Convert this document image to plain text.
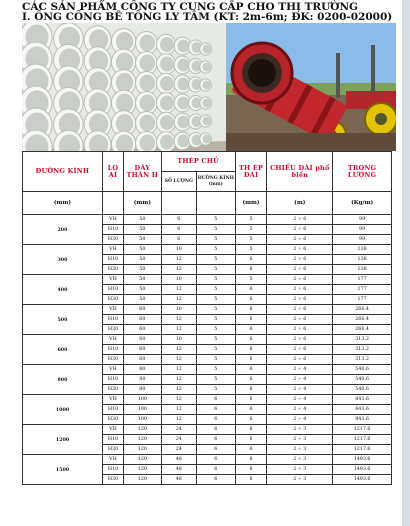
CÁC SẢN PHẨM CỐNG TY CUNG CẤP CHO THỊ TRƯỜNG
I. ỐNG CỐNG BÊ TÔNG LY TÂM (KT: 2m-6m; ĐK: 0200-02000)
ĐƯỜNG KÍNH	LO ẠI	DÀY THÀN H	THÉP CHỦ		TH ÉP ĐAI	CHIỀU DÀI phổ biến	TRỌNG LƯỢNG
			SỐ LƯỢNG	ĐƯỜNG KÍNH (mm)			
(mm)		(mm)			(mm)	(m)	(Kg/m)
200	VH	50	6	5	5	2 ÷ 6	99
	H10	50	6	5	5	2 ÷ 6	99
	H30	50	6	5	5	2 ÷ 6	99
300	VH	50	10	5	5	2 ÷ 6	138
	H10	50	12	5	6	2 ÷ 6	138
	H30	50	12	5	6	2 ÷ 6	138
400	VH	50	10	5	5	2 ÷ 6	177
	H10	50	12	5	6	2 ÷ 6	177
	H30	50	12	5	6	2 ÷ 6	177
500	VH	60	10	5	6	2 ÷ 6	266.4
	H10	60	12	5	6	2 ÷ 6	266.4
	H30	60	12	5	6	2 ÷ 6	266.4
600	VH	60	10	5	6	2 ÷ 6	313.2
	H10	60	12	5	6	2 ÷ 6	313.2
	H30	60	12	5	6	2 ÷ 6	313.2
800	VH	80	12	5	6	2 ÷ 4	540.6
	H10	80	12	5	6	2 ÷ 4	540.6
	H30	80	12	5	6	2 ÷ 4	540.6
1000	VH	100	12	6	6	2 ÷ 4	843.6
	H10	100	12	6	6	2 ÷ 4	843.6
	H30	100	12	6	6	2 ÷ 4	843.6
1200	VH	120	24	6	6	2 ÷ 3	1217.6
	H10	120	24	6	6	2 ÷ 3	1217.6
	H30	120	24	6	6	2 ÷ 3	1217.6
1500	VH	120	48	6	8	2 ÷ 3	1493.6
	H10	120	48	6	8	2 ÷ 3	1493.6
	H30	120	48	6	8	2 ÷ 3	1493.6
